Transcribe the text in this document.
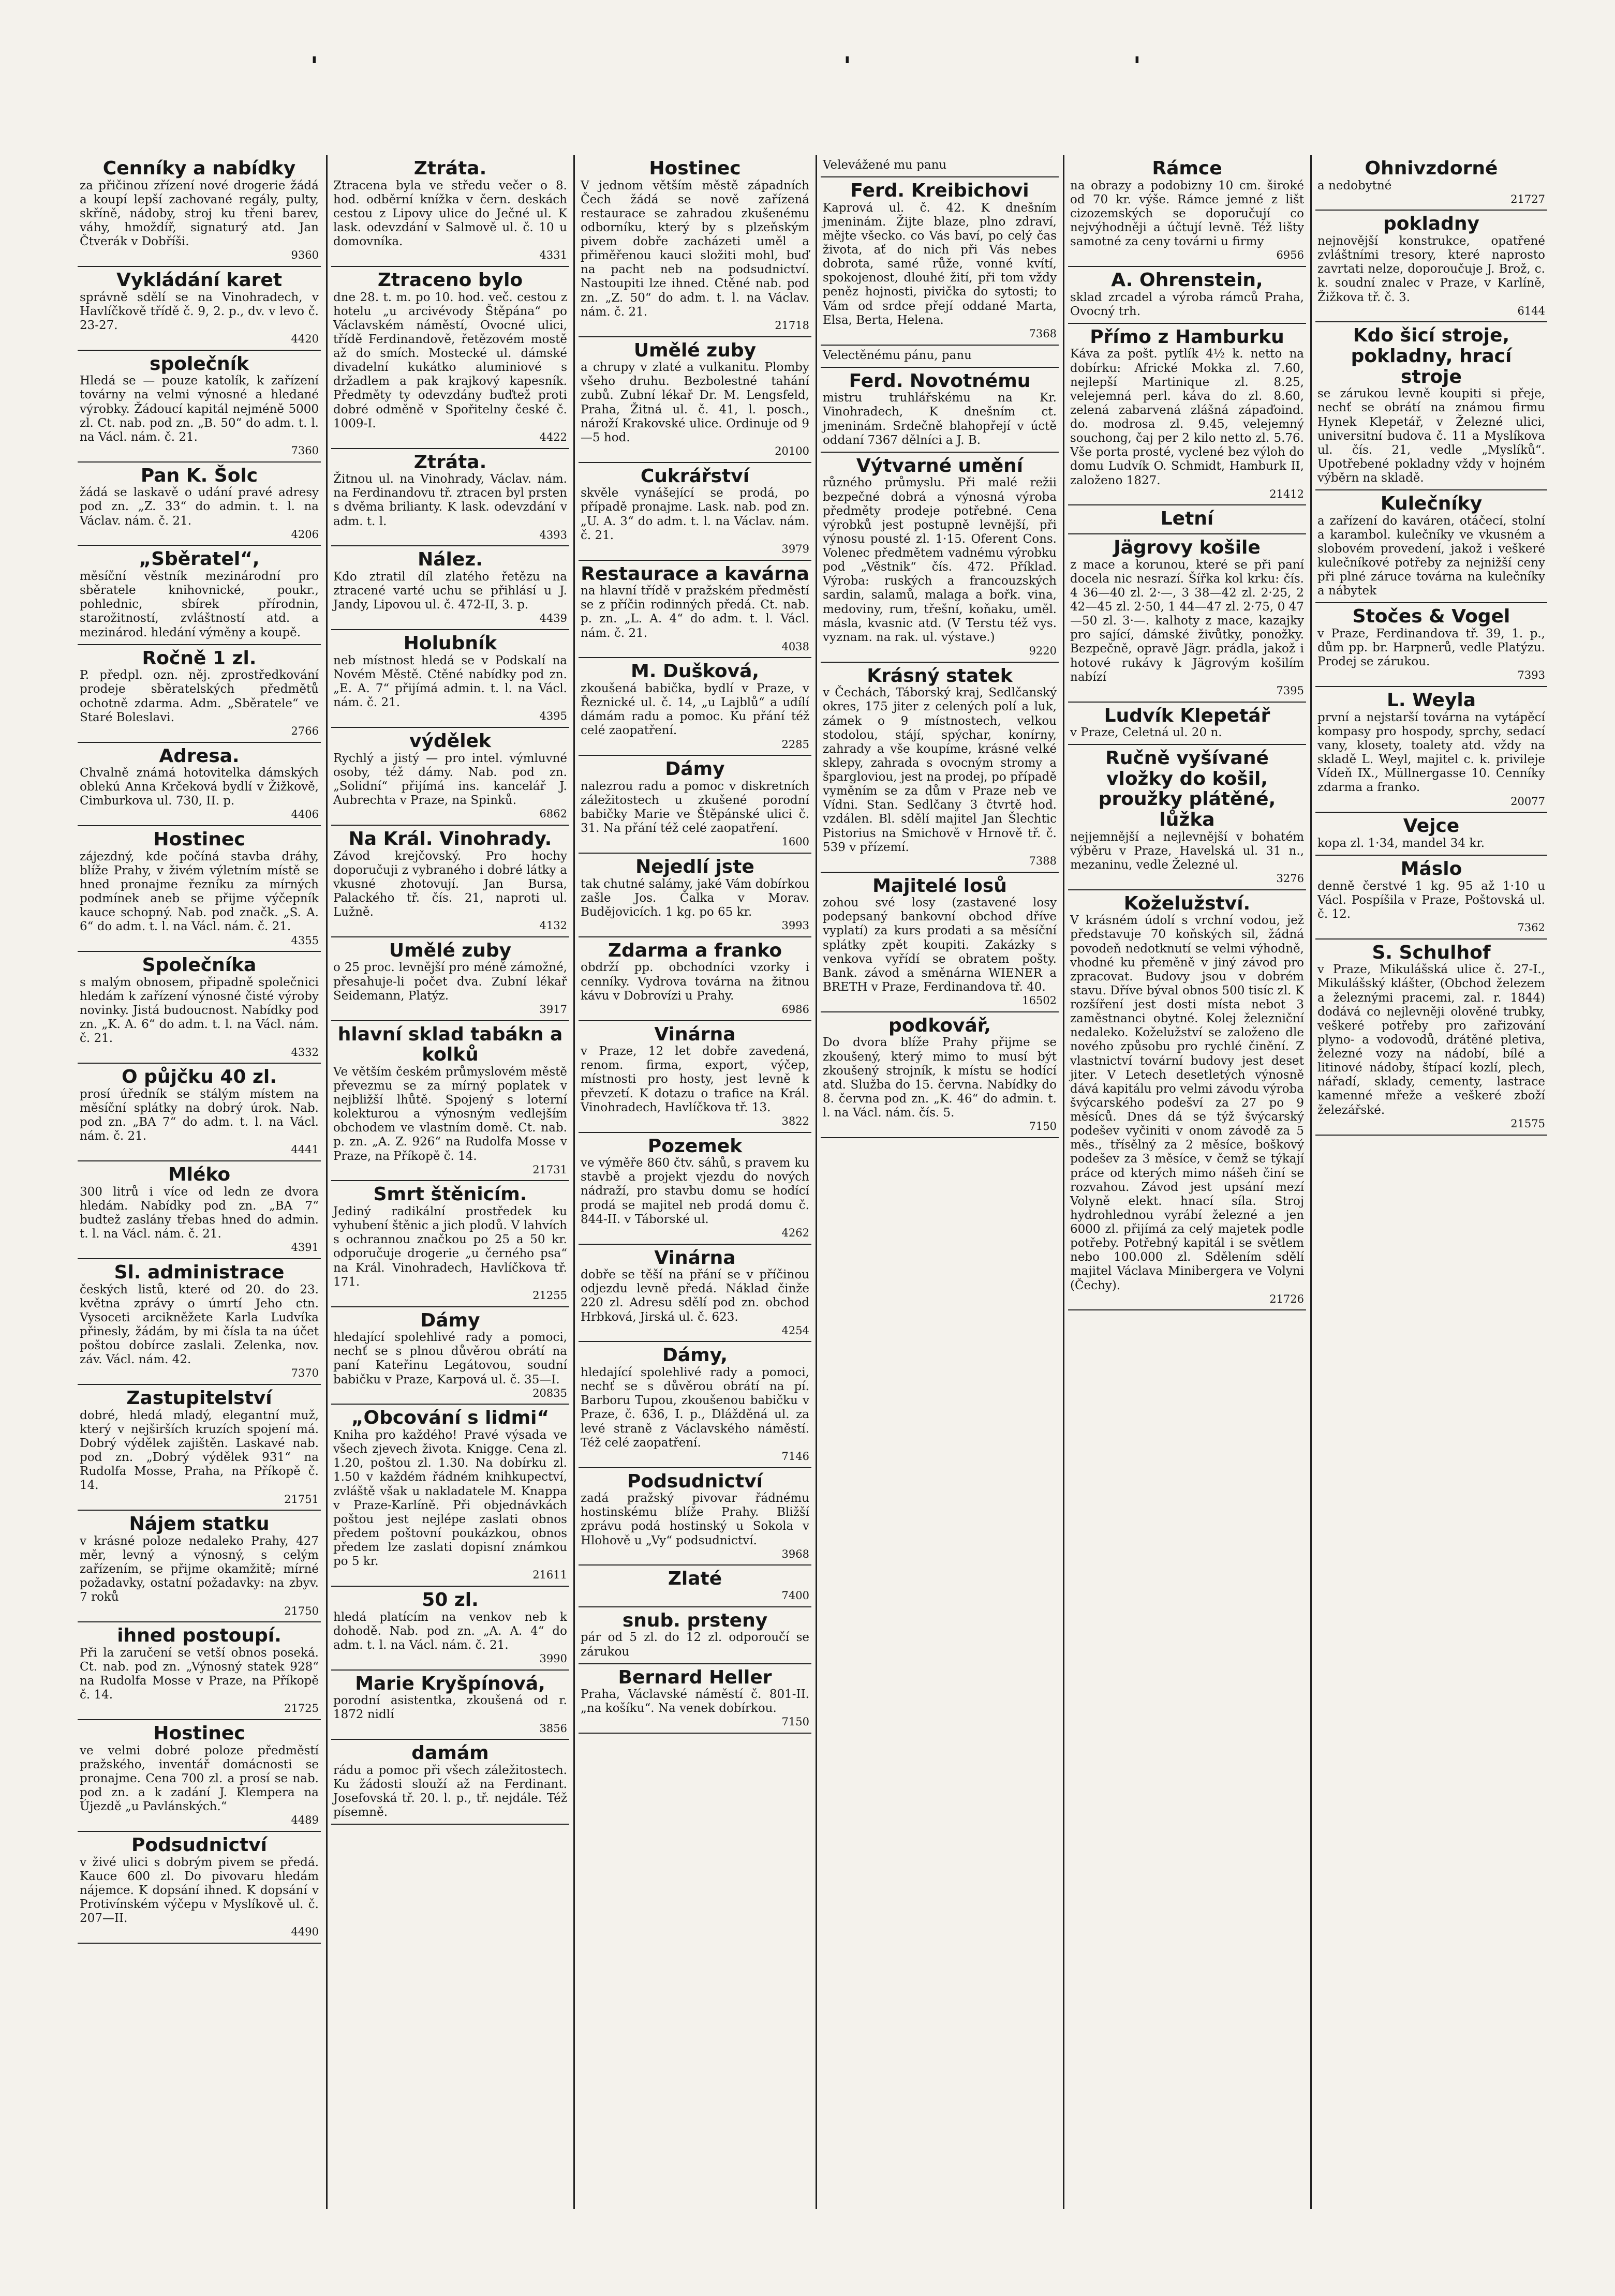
'	'	'
Cenníky a nabídky
za přičinou zřízení nové drogerie žádá a koupí lepší zachované regály, pulty, skříně, nádoby, stroj ku třeni barev, váhy, hmoždíř, signaturý atd. Jan Čtverák v Dobříši.
9360
Vykládání karet
správně sdělí se na Vinohradech, v Havlíčkově třídě č. 9, 2. p., dv. v levo č. 23-27.
4420
společník
Hledá se — pouze katolík, k zařízení továrny na velmi výnosné a hledané výrobky. Žádoucí kapitál nejméně 5000 zl. Ct. nab. pod zn. „B. 50“ do adm. t. l. na Václ. nám. č. 21.
7360
Pan K. Šolc
žádá se laskavě o udání pravé adresy pod zn. „Z. 33“ do admin. t. l. na Václav. nám. č. 21.
4206
„Sběratel“,
měsíční věstník mezinárodní pro sběratele knihovnické, poukr., pohlednic, sbírek přírodnin, starožitností, zvláštností atd. a mezinárod. hledání výměny a koupě.
Ročně 1 zl.
P. předpl. ozn. něj. zprostředkování prodeje sběratelských předmětů ochotně zdarma. Adm. „Sběratele“ ve Staré Boleslavi.
2766
Adresa.
Chvalně známá hotovitelka dámských oblekú Anna Krčeková bydlí v Žižkově, Cimburkova ul. 730, II. p.
4406
Hostinec
zájezdný, kde počíná stavba dráhy, blíže Prahy, v živém výletním místě se hned pronajme řezníku za mírných podmínek aneb se přijme výčepník kauce schopný. Nab. pod značk. „S. A. 6“ do adm. t. l. na Václ. nám. č. 21.
4355
Společníka
s malým obnosem, připadně společnici hledám k zařízení výnosné čisté výroby novinky. Jistá budoucnost. Nabídky pod zn. „K. A. 6“ do adm. t. l. na Václ. nám. č. 21.
4332
O půjčku 40 zl.
prosí úředník se stálým místem na měsíční splátky na dobrý úrok. Nab. pod zn. „BA 7“ do adm. t. l. na Václ. nám. č. 21.
4441
Mléko
300 litrů i více od ledn ze dvora hledám. Nabídky pod zn. „BA 7“ budtež zaslány třebas hned do admin. t. l. na Václ. nám. č. 21.
4391
Sl. administrace
českých listů, které od 20. do 23. května zprávy o úmrtí Jeho ctn. Vysoceti arcikněžete Karla Ludvíka přinesly, žádám, by mi čísla ta na účet poštou dobírce zaslali. Zelenka, nov. záv. Václ. nám. 42.
7370
Zastupitelství
dobré, hledá mladý, elegantní muž, který v nejširších kruzích spojení má. Dobrý výdělek zajištěn. Laskavé nab. pod zn. „Dobrý výdělek 931“ na Rudolfa Mosse, Praha, na Příkopě č. 14.
21751
Nájem statku
v krásné poloze nedaleko Prahy, 427 měr, levný a výnosný, s celým zařízením, se přijme okamžitě; mírné požadavky, ostatní požadavky: na zbyv. 7 roků
21750
ihned postoupí.
Při la zaručení se vetší obnos poseká. Ct. nab. pod zn. „Výnosný statek 928“ na Rudolfa Mosse v Praze, na Příkopě č. 14.
21725
Hostinec
ve velmi dobré poloze předměstí pražského, inventář domácnosti se pronajme. Cena 700 zl. a prosí se nab. pod zn. a k zadání J. Klempera na Újezdě „u Pavlánských.“
4489
Podsudnictví
v živé ulici s dobrým pivem se předá. Kauce 600 zl. Do pivovaru hledám nájemce. K dopsání ihned. K dopsání v Protivínském výčepu v Myslíkově ul. č. 207—II.
4490
Ztráta.
Ztracena byla ve středu večer o 8. hod. odběrní knížka v čern. deskách cestou z Lipovy ulice do Ječné ul. K lask. odevzdání v Salmově ul. č. 10 u domovníka.
4331
Ztraceno bylo
dne 28. t. m. po 10. hod. več. cestou z hotelu „u arcivévody Štěpána“ po Václavském náměstí, Ovocné ulici, třídě Ferdinandově, řetězovém mostě až do smích. Mostecké ul. dámské divadelní kukátko aluminiové s držadlem a pak krajkový kapesník. Předměty ty odevzdány buďtež proti dobré odměně v Spořitelny české č. 1009-I.
4422
Ztráta.
Žitnou ul. na Vinohrady, Václav. nám. na Ferdinandovu tř. ztracen byl prsten s dvěma brilianty. K lask. odevzdání v adm. t. l.
4393
Nález.
Kdo ztratil díl zlatého řetězu na ztracené varté uchu se přihlásí u J. Jandy, Lipovou ul. č. 472-II, 3. p.
4439
Holubník
neb místnost hledá se v Podskalí na Novém Městě. Ctěné nabídky pod zn. „E. A. 7“ přijímá admin. t. l. na Václ. nám. č. 21.
4395
výdělek
Rychlý a jistý — pro intel. výmluvné osoby, též dámy. Nab. pod zn. „Solidní“ přijímá ins. kancelář J. Aubrechta v Praze, na Spinků.
6862
Na Král. Vinohrady.
Závod krejčovský. Pro hochy doporučuji z vybraného i dobré látky a vkusné zhotovují. Jan Bursa, Palackého tř. čís. 21, naproti ul. Lužně.
4132
Umělé zuby
o 25 proc. levnější pro méně zámožné, přesahuje-li počet dva. Zubní lékař Seidemann, Platýz.
3917
hlavní sklad tabákn a kolků
Ve větším českém průmyslovém městě převezmu se za mírný poplatek v nejbližší lhůtě. Spojený s loterní kolekturou a výnosným vedlejším obchodem ve vlastním domě. Ct. nab. p. zn. „A. Z. 926“ na Rudolfa Mosse v Praze, na Příkopě č. 14.
21731
Smrt štěnicím.
Jediný radikální prostředek ku vyhubení štěnic a jich plodů. V lahvích s ochrannou značkou po 25 a 50 kr. odporučuje drogerie „u černého psa“ na Král. Vinohradech, Havlíčkova tř. 171.
21255
Dámy
hledající spolehlivé rady a pomoci, nechť se s plnou důvěrou obrátí na paní Kateřinu Legátovou, soudní babičku v Praze, Karpová ul. č. 35—I.
20835
„Obcování s lidmi“
Kniha pro každého! Pravé výsada ve všech zjevech života. Knigge. Cena zl. 1.20, poštou zl. 1.30. Na dobírku zl. 1.50 v každém řádném knihkupectví, zvláště však u nakladatele M. Knappa v Praze-Karlíně. Při objednávkách poštou jest nejlépe zaslati obnos předem poštovní poukázkou, obnos předem lze zaslati dopisní známkou po 5 kr.
21611
50 zl.
hledá platícím na venkov neb k dohodě. Nab. pod zn. „A. A. 4“ do adm. t. l. na Václ. nám. č. 21.
3990
Marie Kryšpínová,
porodní asistentka, zkoušená od r. 1872 nidlí
3856
damám
rádu a pomoc při všech záležitostech. Ku žádosti slouží až na Ferdinant. Josefovská tř. 20. l. p., tř. nejdále. Též písemně.
Hostinec
V jednom větším městě západních Čech žádá se nově zařízená restaurace se zahradou zkušenému odborníku, který by s plzeňským pivem dobře zacházeti uměl a přiměřenou kauci složiti mohl, buď na pacht neb na podsudnictví. Nastoupiti lze ihned. Ctěné nab. pod zn. „Z. 50“ do adm. t. l. na Václav. nám. č. 21.
21718
Umělé zuby
a chrupy v zlaté a vulkanitu. Plomby všeho druhu. Bezbolestné tahání zubů. Zubní lékař Dr. M. Lengsfeld, Praha, Žitná ul. č. 41, l. posch., nároží Krakovské ulice. Ordinuje od 9—5 hod.
20100
Cukrářství
skvěle vynášející se prodá, po případě pronajme. Lask. nab. pod zn. „U. A. 3“ do adm. t. l. na Václav. nám. č. 21.
3979
Restaurace a kavárna
na hlavní třídě v pražském předměstí se z příčin rodinných předá. Ct. nab. p. zn. „L. A. 4“ do adm. t. l. Václ. nám. č. 21.
4038
M. Dušková,
zkoušená babička, bydlí v Praze, v Řeznické ul. č. 14, „u Lajblů“ a udílí dámám radu a pomoc. Ku přání též celé zaopatření.
2285
Dámy
nalezrou radu a pomoc v diskretních záležitostech u zkušené porodní babičky Marie ve Štěpánské ulici č. 31. Na přání též celé zaopatření.
1600
Nejedlí jste
tak chutné salámy, jaké Vám dobírkou zašle Jos. Čalka v Morav. Budějovicích. 1 kg. po 65 kr.
3993
Zdarma a franko
obdrží pp. obchodníci vzorky i cenníky. Vydrova továrna na žitnou kávu v Dobrovízi u Prahy.
6986
Vinárna
v Praze, 12 let dobře zavedená, renom. firma, export, výčep, místnosti pro hosty, jest levně k převzetí. K dotazu o trafice na Král. Vinohradech, Havlíčkova tř. 13.
3822
Pozemek
ve výměře 860 čtv. sáhů, s pravem ku stavbě a projekt vjezdu do nových nádraží, pro stavbu domu se hodící prodá se majitel neb prodá domu č. 844-II. v Táborské ul.
4262
Vinárna
dobře se těší na přání se v příčinou odjezdu levně předá. Náklad činže 220 zl. Adresu sdělí pod zn. obchod Hrbková, Jirská ul. č. 623.
4254
Dámy,
hledající spolehlivé rady a pomoci, nechť se s důvěrou obrátí na pí. Barboru Tupou, zkoušenou babičku v Praze, č. 636, I. p., Dlážděná ul. za levé straně z Václavského náměstí. Též celé zaopatření.
7146
Podsudnictví
zadá pražský pivovar řádnému hostinskému blíže Prahy. Bližší zprávu podá hostinský u Sokola v Hlohově u „Vy“ podsudnictví.
3968
Zlaté
7400
snub. prsteny
pár od 5 zl. do 12 zl. odporoučí se zárukou
Bernard Heller
Praha, Václavské náměstí č. 801-II. „na košíku“. Na venek dobírkou.
7150
Velevážené mu panu
Ferd. Kreibichovi
Kaprová ul. č. 42. K dnešním jmeninám. Žijte blaze, plno zdraví, mějte všecko. co Vás baví, po celý čas života, ať do nich při Vás nebes dobrota, samé růže, vonné kvítí, spokojenost, dlouhé žití, při tom vždy peněz hojnosti, pivička do sytosti; to Vám od srdce přejí oddané Marta, Elsa, Berta, Helena.
7368
Velectěnému pánu, panu
Ferd. Novotnému
mistru truhlářskému na Kr. Vinohradech, K dnešním ct. jmeninám. Srdečně blahopřejí v úctě oddaní 7367 dělníci a J. B.
Výtvarné umění
různého průmyslu. Při malé režii bezpečné dobrá a výnosná výroba předměty prodeje potřebné. Cena výrobků jest postupně levnější, při výnosu pousté zl. 1·15. Oferent Cons. Volenec předmětem vadnému výrobku pod „Věstnik“ čís. 472. Příklad. Výroba: ruských a francouzských sardin, salamů, malaga a bořk. vina, medoviny, rum, třešní, koňaku, uměl. másla, kvasnic atd. (V Terstu též vys. vyznam. na rak. ul. výstave.)
9220
Krásný statek
v Čechách, Táborský kraj, Sedlčanský okres, 175 jiter z celených polí a luk, zámek o 9 místnostech, velkou stodolou, stájí, spýchar, konírny, zahrady a vše koupíme, krásné velké sklepy, zahrada s ovocným stromy a špargloviou, jest na prodej, po případě vyměním se za dům v Praze neb ve Vídni. Stan. Sedlčany 3 čtvrtě hod. vzdálen. Bl. sdělí majitel Jan Šlechtic Pistorius na Smichově v Hrnově tř. č. 539 v přízemí.
7388
Majitelé losů
zohou své losy (zastavené losy podepsaný bankovní obchod dříve vyplatí) za kurs prodati a sa měsíční splátky zpět koupiti. Zakázky s venkova vyřídí se obratem pošty. Bank. závod a směnárna WIENER a BRETH v Praze, Ferdinandova tř. 40.
16502
podkovář,
Do dvora blíže Prahy přijme se zkoušený, který mimo to musí být zkoušený strojník, k místu se hodící atd. Služba do 15. června. Nabídky do 8. června pod zn. „K. 46“ do admin. t. l. na Václ. nám. čís. 5.
7150
Rámce
na obrazy a podobizny 10 cm. široké od 70 kr. výše. Rámce jemné z lišt cizozemských se doporučují co nejvýhodněji a účtují levně. Též lišty samotné za ceny továrni u firmy
6956
A. Ohrenstein,
sklad zrcadel a výroba rámců Praha, Ovocný trh.
Přímo z Hamburku
Káva za pošt. pytlík 4½ k. netto na dobírku: Africké Mokka zl. 7.60, nejlepší Martinique zl. 8.25, velejemná perl. káva do zl. 8.60, zelená zabarvená zlášná zápaďoind. do. modrosa zl. 9.45, velejemný souchong, čaj per 2 kilo netto zl. 5.76. Vše porta prosté, vyclené bez výloh do domu Ludvík O. Schmidt, Hamburk II, založeno 1827.
21412
Letní
Jägrovy košile
z mace a korunou, které se při paní docela nic nesrazí. Šířka kol krku: čís. 4 36—40 zl. 2·—, 3 38—42 zl. 2·25, 2 42—45 zl. 2·50, 1 44—47 zl. 2·75, 0 47—50 zl. 3·—. kalhoty z mace, kazajky pro sající, dámské živůtky, ponožky. Bezpečně, opravě Jägr. prádla, jakož i hotové rukávy k Jägrovým košilím nabízí
7395
Ludvík Klepetář
v Praze, Celetná ul. 20 n.
Ručně vyšívané vložky do košil, proužky plátěné, lůžka
nejjemnější a nejlevnější v bohatém výběru v Praze, Havelská ul. 31 n., mezaninu, vedle Železné ul.
3276
Koželužství.
V krásném údolí s vrchní vodou, jež představuje 70 koňských sil, žádná povodeň nedotknutí se velmi výhodně, vhodné ku přeměně v jiný závod pro zpracovat. Budovy jsou v dobrém stavu. Dříve býval obnos 500 tisíc zl. K rozšíření jest dosti místa nebot 3 zaměstnanci obytné. Kolej železniční nedaleko. Koželužství se založeno dle nového způsobu pro rychlé činění. Z vlastnictví tovární budovy jest deset jiter. V Letech desetletých výnosně dává kapitálu pro velmi závodu výroba švýcarského podešví za 27 po 9 měsíců. Dnes dá se týž švýcarský podešev vyčiniti v onom závodě za 5 měs., třísělný za 2 měsíce, boškový podešev za 3 měsíce, v čemž se týkají práce od kterých mimo nášeh činí se rozvahou. Závod jest upsání mezí Volyně elekt. hnací síla. Stroj hydrohlednou vyrábí železné a jen 6000 zl. přijímá za celý majetek podle potřeby. Potřebný kapitál i se světlem nebo 100.000 zl. Sdělením sdělí majitel Václava Minibergera ve Volyni (Čechy).
21726
Ohnivzdorné
a nedobytné
21727
pokladny
nejnovější konstrukce, opatřené zvláštními tresory, které naprosto zavrtati nelze, doporoučuje J. Brož, c. k. soudní znalec v Praze, v Karlíně, Žižkova tř. č. 3.
6144
Kdo šicí stroje, pokladny, hrací stroje
se zárukou levně koupiti si přeje, nechť se obrátí na známou firmu Hynek Klepetář, v Železné ulici, universitní budova č. 11 a Myslíkova ul. čís. 21, vedle „Myslíků“. Upotřebené pokladny vždy v hojném výběrn na skladě.
Kulečníky
a zařízení do kaváren, otáčecí, stolní a karambol. kulečníky ve vkusném a slobovém provedení, jakož i veškeré kulečníkové potřeby za nejnižší ceny při plné záruce továrna na kulečníky a nábytek
Stočes & Vogel
v Praze, Ferdinandova tř. 39, 1. p., dům pp. br. Harpnerů, vedle Platýzu. Prodej se zárukou.
7393
L. Weyla
první a nejstarší továrna na vytápěcí kompasy pro hospody, sprchy, sedací vany, klosety, toalety atd. vždy na skladě L. Weyl, majitel c. k. privileje Vídeň IX., Müllnergasse 10. Cenníky zdarma a franko.
20077
Vejce
kopa zl. 1·34, mandel 34 kr.
Máslo
denně čerstvé 1 kg. 95 až 1·10 u Václ. Pospíšila v Praze, Poštovská ul. č. 12.
7362
S. Schulhof
v Praze, Mikulášská ulice č. 27-I., Mikulášský klášter, (Obchod železem a železnými pracemi, zal. r. 1844) dodává co nejlevněji olověné trubky, veškeré potřeby pro zařizování plyno- a vodovodů, drátěné pletiva, železné vozy na nádobí, bílé a litinové nádoby, štípací kozlí, plech, nářadí, sklady, cementy, lastrace kamenné mřeže a veškeré zboží železářské.
21575
